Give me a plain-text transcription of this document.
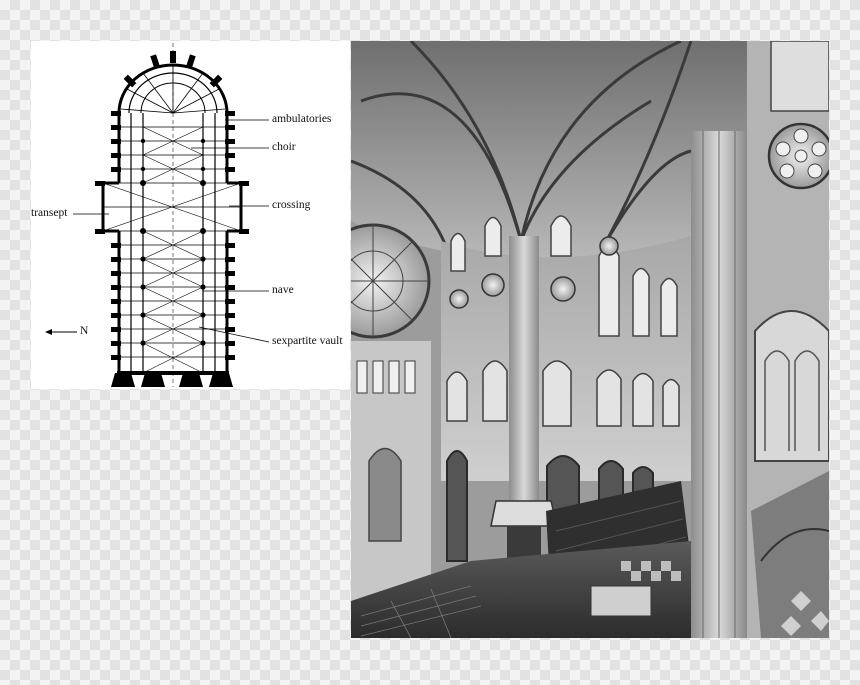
ambulatories
choir
crossing
transept
nave
sexpartite vault
N
